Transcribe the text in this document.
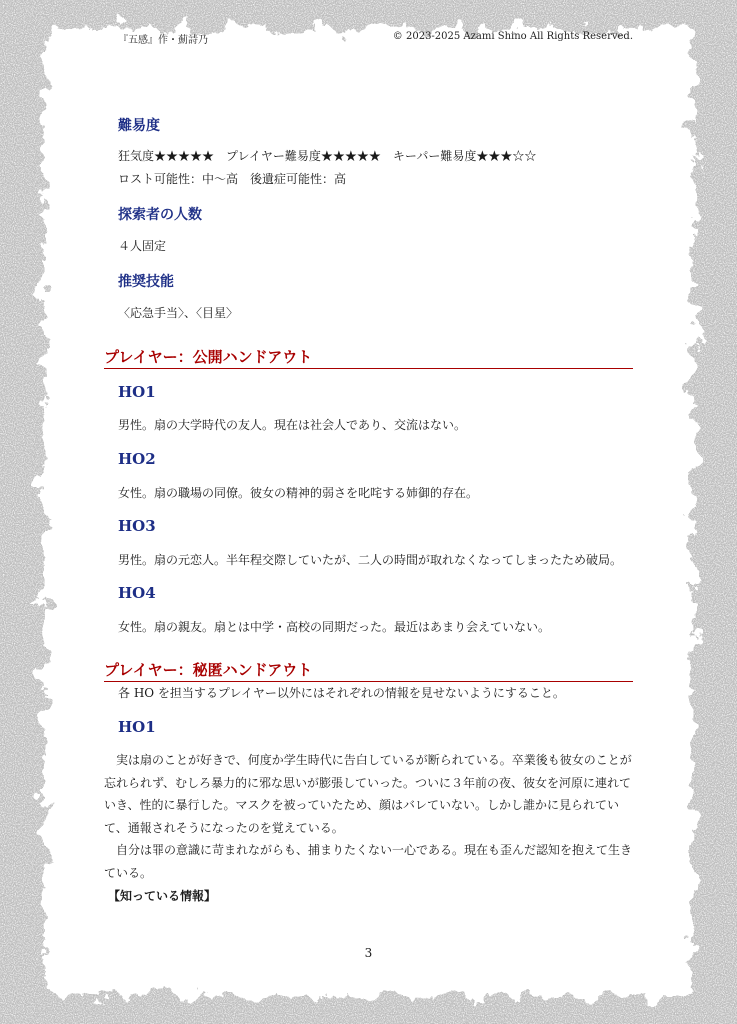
『五感』作・薊詩乃	© 2023-2025 Azami Shino All Rights Reserved.
難易度
狂気度★★★★★　プレイヤー難易度★★★★★　キーパー難易度★★★☆☆
ロスト可能性：中～高　後遺症可能性：高
探索者の人数
４人固定
推奨技能
〈応急手当〉、〈目星〉
プレイヤー：公開ハンドアウト
HO1
男性。扇の大学時代の友人。現在は社会人であり、交流はない。
HO2
女性。扇の職場の同僚。彼女の精神的弱さを叱咤する姉御的存在。
HO3
男性。扇の元恋人。半年程交際していたが、二人の時間が取れなくなってしまったため破局。
HO4
女性。扇の親友。扇とは中学・高校の同期だった。最近はあまり会えていない。
プレイヤー：秘匿ハンドアウト
各 HO を担当するプレイヤー以外にはそれぞれの情報を見せないようにすること。
HO1

実は扇のことが好きで、何度か学生時代に告白しているが断られている。卒業後も彼女のことが忘れられず、むしろ暴力的に邪な思いが膨張していった。ついに３年前の夜、彼女を河原に連れていき、性的に暴行した。マスクを被っていたため、顔はバレていない。しかし誰かに見られていて、通報されそうになったのを覚えている。

自分は罪の意識に苛まれながらも、捕まりたくない一心である。現在も歪んだ認知を抱えて生きている。

【知っている情報】
3
